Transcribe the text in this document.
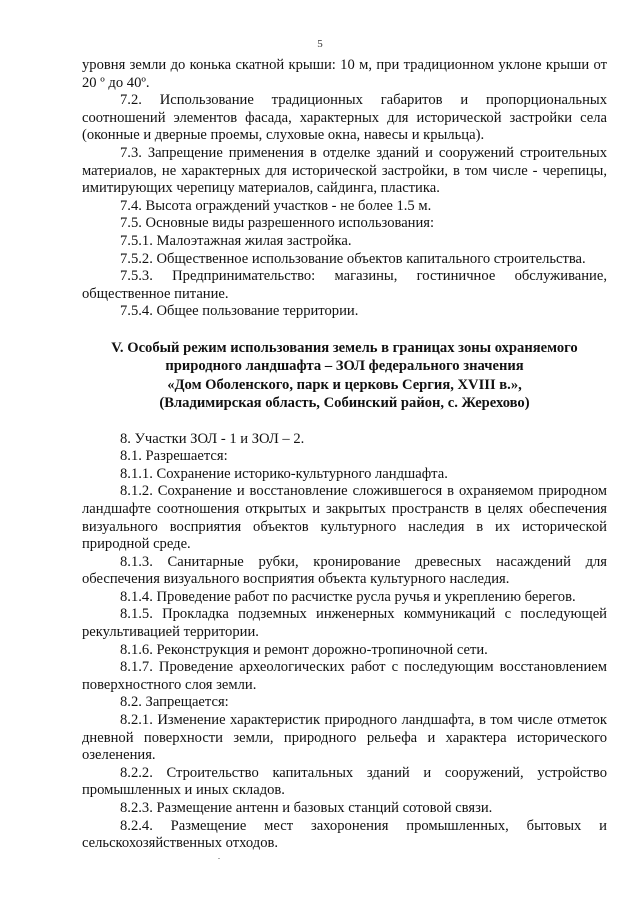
5

уровня земли до конька скатной крыши: 10 м, при традиционном уклоне крыши от 20 º до 40º.

7.2. Использование традиционных габаритов и пропорциональных соотношений элементов фасада, характерных для исторической застройки села (оконные и дверные проемы, слуховые окна, навесы и крыльца).

7.3. Запрещение применения в отделке зданий и сооружений строительных материалов, не характерных для исторической застройки, в том числе - черепицы, имитирующих черепицу материалов, сайдинга, пластика.

7.4. Высота ограждений участков - не более 1.5 м.

7.5. Основные виды разрешенного использования:

7.5.1. Малоэтажная жилая застройка.

7.5.2. Общественное использование объектов капитального строительства.

7.5.3. Предпринимательство: магазины, гостиничное обслуживание, общественное питание.

7.5.4. Общее пользование территории.

V. Особый режим использования земель в границах зоны охраняемого
природного ландшафта – ЗОЛ федерального значения
«Дом Оболенского, парк и церковь Сергия, XVIII в.»,
(Владимирская область, Собинский район, с. Жерехово)

8. Участки ЗОЛ - 1 и ЗОЛ – 2.

8.1. Разрешается:

8.1.1. Сохранение историко-культурного ландшафта.

8.1.2. Сохранение и восстановление сложившегося в охраняемом природном ландшафте соотношения открытых и закрытых пространств в целях обеспечения визуального восприятия объектов культурного наследия в их исторической природной среде.

8.1.3. Санитарные рубки, кронирование древесных насаждений для обеспечения визуального восприятия объекта культурного наследия.

8.1.4. Проведение работ по расчистке русла ручья и укреплению берегов.

8.1.5. Прокладка подземных инженерных коммуникаций с последующей рекультивацией территории.

8.1.6. Реконструкция и ремонт дорожно-тропиночной сети.

8.1.7. Проведение археологических работ с последующим восстановлением поверхностного слоя земли.

8.2. Запрещается:

8.2.1. Изменение характеристик природного ландшафта, в том числе отметок дневной поверхности земли, природного рельефа и характера исторического озеленения.

8.2.2. Строительство капитальных зданий и сооружений, устройство промышленных и иных складов.

8.2.3. Размещение антенн и базовых станций сотовой связи.

8.2.4. Размещение мест захоронения промышленных, бытовых и сельскохозяйственных отходов.
